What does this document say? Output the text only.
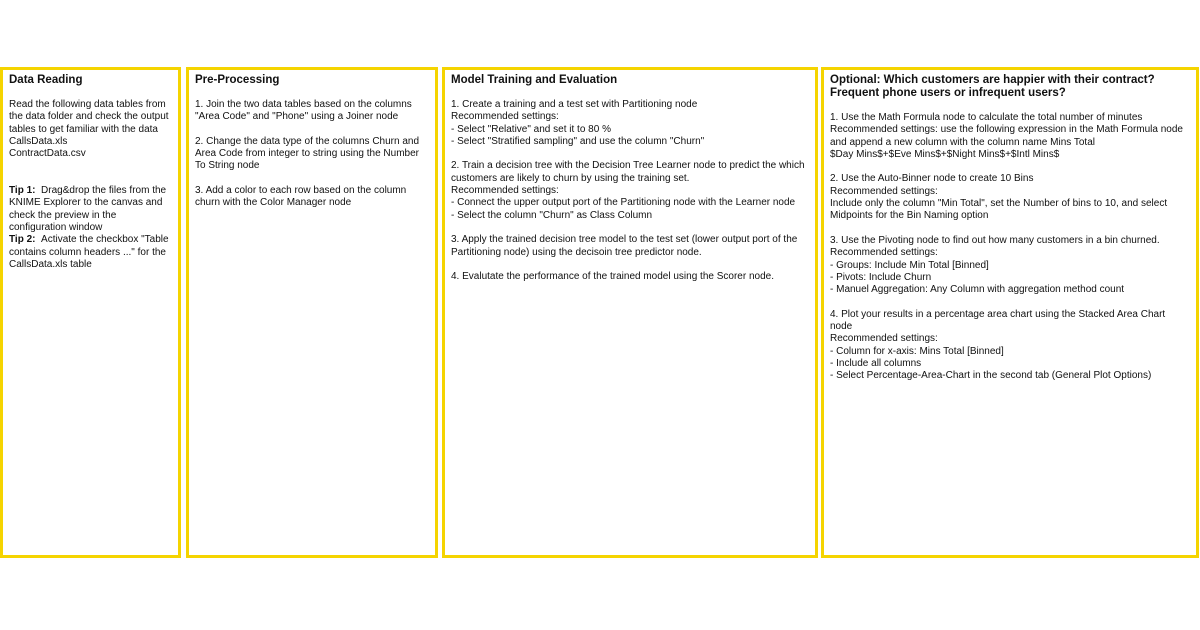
Data Reading
Read the following data tables from the data folder and check the output tables to get familiar with the data
CallsData.xls
ContractData.csv
Tip 1: Drag&drop the files from the KNIME Explorer to the canvas and check the preview in the configuration window
Tip 2: Activate the checkbox "Table contains column headers ..." for the CallsData.xls table
Pre-Processing
1. Join the two data tables based on the columns "Area Code" and "Phone" using a Joiner node
2. Change the data type of the columns Churn and Area Code from integer to string using the Number To String node
3. Add a color to each row based on the column churn with the Color Manager node
Model Training and Evaluation
1. Create a training and a test set with Partitioning node
Recommended settings:
- Select "Relative" and set it to 80 %
- Select "Stratified sampling" and use the column "Churn"
2. Train a decision tree with the Decision Tree Learner node to predict the which customers are likely to churn by using the training set.
Recommended settings:
- Connect the upper output port of the Partitioning node with the Learner node
- Select the column "Churn" as Class Column
3. Apply the trained decision tree model to the test set (lower output port of the Partitioning node) using the decisoin tree predictor node.
4. Evalutate the performance of the trained model using the Scorer node.
Optional: Which customers are happier with their contract? Frequent phone users or infrequent users?
1. Use the Math Formula node to calculate the total number of minutes
Recommended settings: use the following expression in the Math Formula node and append a new column with the column name Mins Total
$Day Mins$+$Eve Mins$+$Night Mins$+$Intl Mins$
2. Use the Auto-Binner node to create 10 Bins
Recommended settings:
Include only the column "Min Total", set the Number of bins to 10, and select Midpoints for the Bin Naming option
3. Use the Pivoting node to find out how many customers in a bin churned.
Recommended settings:
- Groups: Include Min Total [Binned]
- Pivots: Include Churn
- Manuel Aggregation: Any Column with aggregation method count
4. Plot your results in a percentage area chart using the Stacked Area Chart node
Recommended settings:
- Column for x-axis: Mins Total [Binned]
- Include all columns
- Select Percentage-Area-Chart in the second tab (General Plot Options)
